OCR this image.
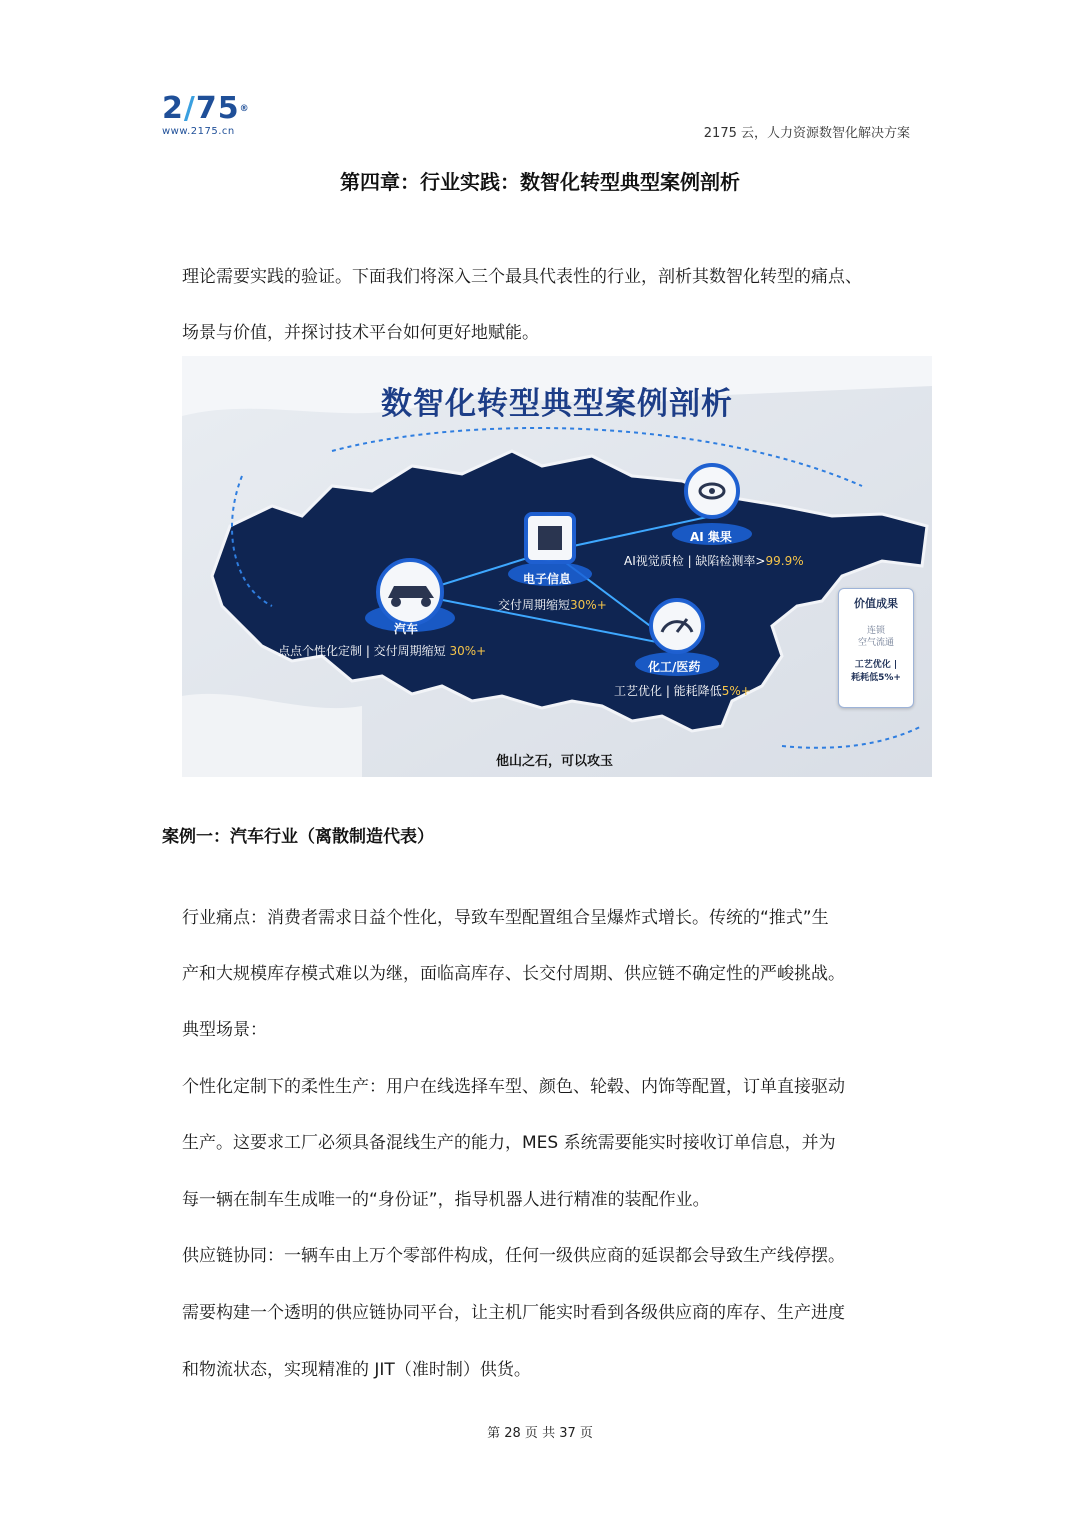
2/75®
www.2175.cn	2175 云，人力资源数智化解决方案
第四章：行业实践：数智化转型典型案例剖析
理论需要实践的验证。下面我们将深入三个最具代表性的行业，剖析其数智化转型的痛点、
场景与价值，并探讨技术平台如何更好地赋能。
数智化转型典型案例剖析
汽车
点点个性化定制 | 交付周期缩短 30%+
电子信息
交付周期缩短30%+
AI 集果
AI视觉质检 | 缺陷检测率>99.9%
化工/医药
工艺优化 | 能耗降低5%+
价值成果
连锁
空气流通
工艺优化 |
耗耗低5%+
他山之石，可以攻玉
案例一：汽车行业（离散制造代表）
行业痛点：消费者需求日益个性化，导致车型配置组合呈爆炸式增长。传统的“推式”生
产和大规模库存模式难以为继，面临高库存、长交付周期、供应链不确定性的严峻挑战。
典型场景：
个性化定制下的柔性生产：用户在线选择车型、颜色、轮毂、内饰等配置，订单直接驱动
生产。这要求工厂必须具备混线生产的能力，MES 系统需要能实时接收订单信息，并为
每一辆在制车生成唯一的“身份证”，指导机器人进行精准的装配作业。
供应链协同：一辆车由上万个零部件构成，任何一级供应商的延误都会导致生产线停摆。
需要构建一个透明的供应链协同平台，让主机厂能实时看到各级供应商的库存、生产进度
和物流状态，实现精准的 JIT（准时制）供货。
第 28 页 共 37 页
